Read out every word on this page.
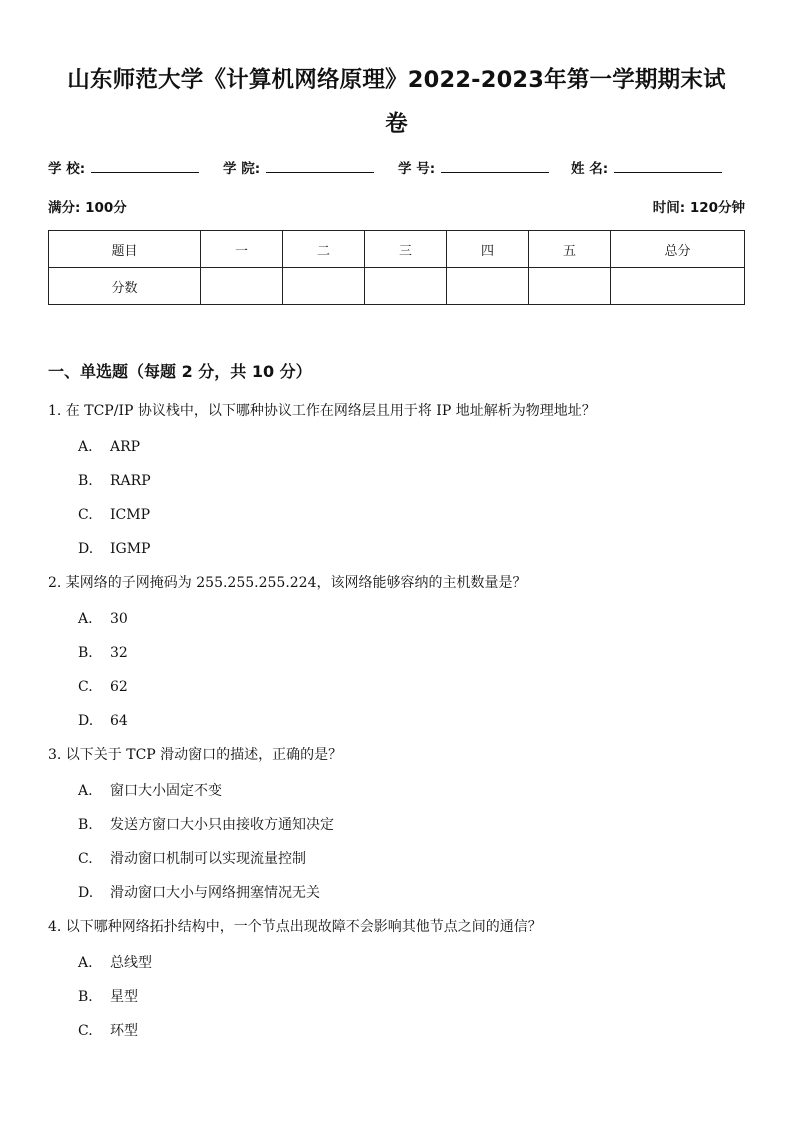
山东师范大学《计算机网络原理》2022-2023年第一学期期末试
卷
学 校:	学 院:	学 号:	姓 名:
满分: 100分	时间: 120分钟
题目	一	二	三	四	五	总分
分数						
一、单选题（每题 2 分，共 10 分）
1. 在 TCP/IP 协议栈中，以下哪种协议工作在网络层且用于将 IP 地址解析为物理地址？
A. ARP
B. RARP
C. ICMP
D. IGMP
2. 某网络的子网掩码为 255.255.255.224，该网络能够容纳的主机数量是？
A. 30
B. 32
C. 62
D. 64
3. 以下关于 TCP 滑动窗口的描述，正确的是？
A. 窗口大小固定不变
B. 发送方窗口大小只由接收方通知决定
C. 滑动窗口机制可以实现流量控制
D. 滑动窗口大小与网络拥塞情况无关
4. 以下哪种网络拓扑结构中，一个节点出现故障不会影响其他节点之间的通信？
A. 总线型
B. 星型
C. 环型
